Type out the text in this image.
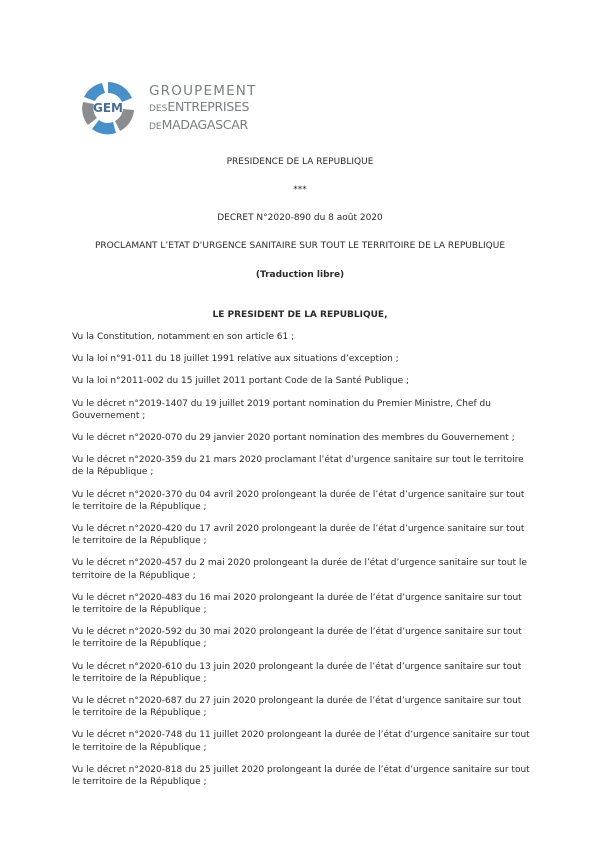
GEM
GROUPEMENT
DESENTREPRISES
DEMADAGASCAR
PRESIDENCE DE LA REPUBLIQUE
***
DECRET N°2020-890 du 8 août 2020
PROCLAMANT L’ETAT D’URGENCE SANITAIRE SUR TOUT LE TERRITOIRE DE LA REPUBLIQUE
(Traduction libre)
LE PRESIDENT DE LA REPUBLIQUE,
Vu la Constitution, notamment en son article 61 ;
Vu la loi n°91-011 du 18 juillet 1991 relative aux situations d’exception ;
Vu la loi n°2011-002 du 15 juillet 2011 portant Code de la Santé Publique ;
Vu le décret n°2019-1407 du 19 juillet 2019 portant nomination du Premier Ministre, Chef du Gouvernement ;
Vu le décret n°2020-070 du 29 janvier 2020 portant nomination des membres du Gouvernement ;
Vu le décret n°2020-359 du 21 mars 2020 proclamant l’état d’urgence sanitaire sur tout le territoire de la République ;
Vu le décret n°2020-370 du 04 avril 2020 prolongeant la durée de l’état d’urgence sanitaire sur tout le territoire de la République ;
Vu le décret n°2020-420 du 17 avril 2020 prolongeant la durée de l’état d’urgence sanitaire sur tout le territoire de la République ;
Vu le décret n°2020-457 du 2 mai 2020 prolongeant la durée de l’état d’urgence sanitaire sur tout le territoire de la République ;
Vu le décret n°2020-483 du 16 mai 2020 prolongeant la durée de l’état d’urgence sanitaire sur tout le territoire de la République ;
Vu le décret n°2020-592 du 30 mai 2020 prolongeant la durée de l’état d’urgence sanitaire sur tout le territoire de la République ;
Vu le décret n°2020-610 du 13 juin 2020 prolongeant la durée de l’état d’urgence sanitaire sur tout le territoire de la République ;
Vu le décret n°2020-687 du 27 juin 2020 prolongeant la durée de l’état d’urgence sanitaire sur tout le territoire de la République ;
Vu le décret n°2020-748 du 11 juillet 2020 prolongeant la durée de l’état d’urgence sanitaire sur tout le territoire de la République ;
Vu le décret n°2020-818 du 25 juillet 2020 prolongeant la durée de l’état d’urgence sanitaire sur tout le territoire de la République ;
